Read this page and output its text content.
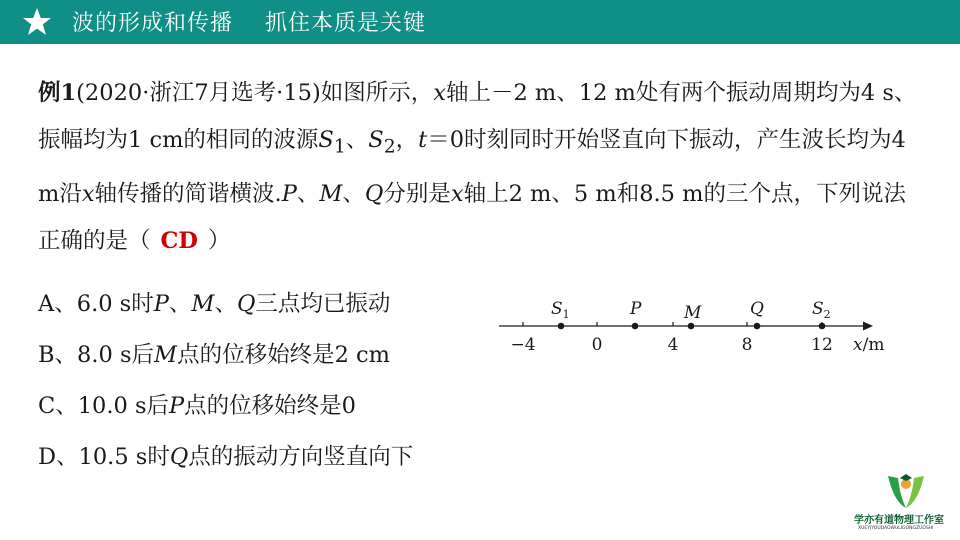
波的形成和传播    抓住本质是关键
例1(2020·浙江7月选考·15)如图所示，x轴上－2 m、12 m处有两个振动周期均为4 s、振幅均为1 cm的相同的波源$S_1$、$S_2$，t＝0时刻同时开始竖直向下振动，产生波长均为4 m沿x轴传播的简谐横波.P、M、Q分别是x轴上2 m、5 m和8.5 m的三个点，下列说法正确的是（ CD ）
A、6.0 s时P、M、Q三点均已振动
B、8.0 s后M点的位移始终是2 cm
C、10.0 s后P点的位移始终是0
D、10.5 s时Q点的振动方向竖直向下
$S_1$	P	M	Q	$S_2$
−4	0	4	8	12 x/m
学亦有道物理工作室
XUEYIYOUDAOWULIGONGZUOSHI
